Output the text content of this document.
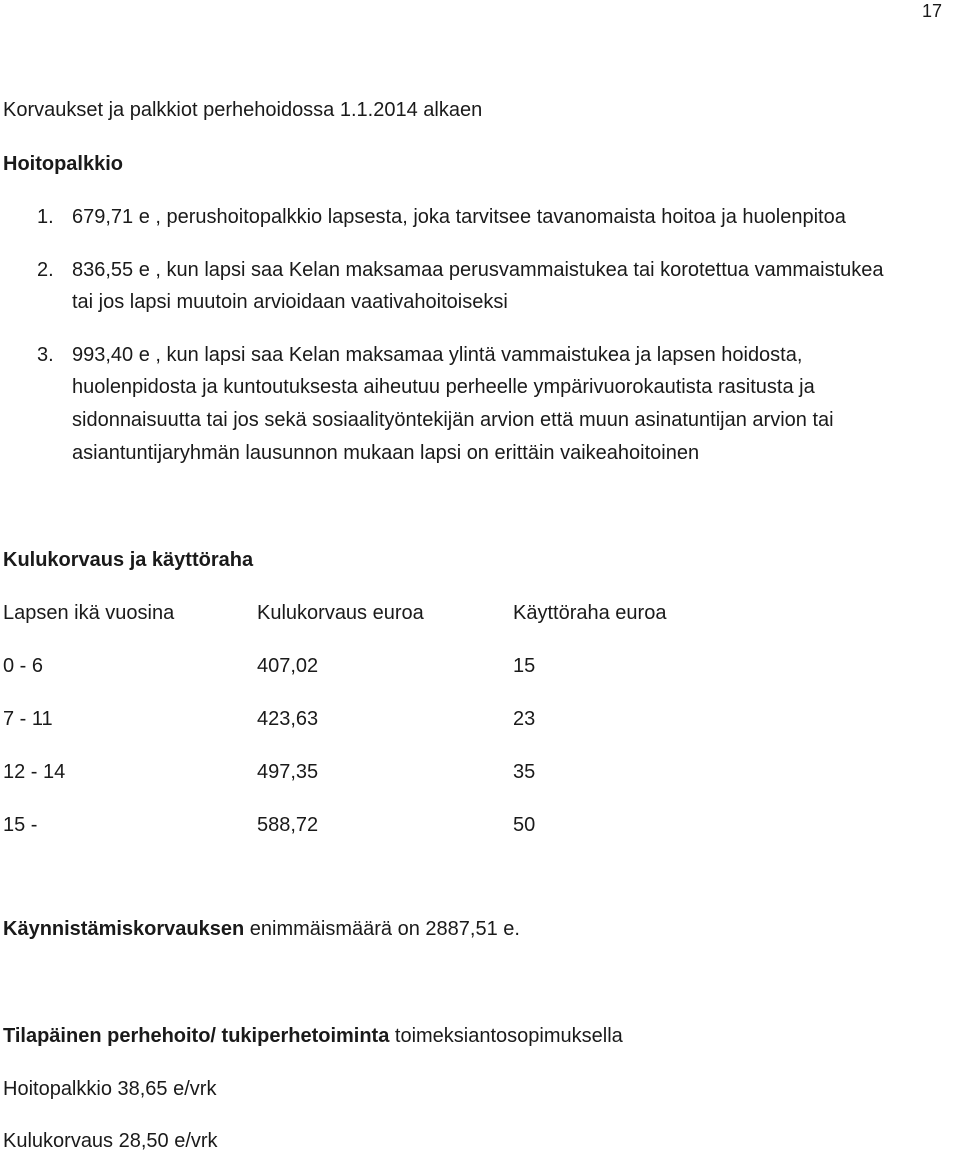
17
Korvaukset ja palkkiot perhehoidossa 1.1.2014 alkaen
Hoitopalkkio
1. 679,71 e , perushoitopalkkio lapsesta, joka tarvitsee tavanomaista hoitoa ja huolenpitoa
2. 836,55 e , kun lapsi saa Kelan maksamaa perusvammaistukea tai korotettua vammaistukea
tai jos lapsi muutoin arvioidaan vaativahoitoiseksi
3. 993,40 e , kun lapsi saa Kelan maksamaa ylintä vammaistukea ja lapsen hoidosta,
huolenpidosta ja kuntoutuksesta aiheutuu perheelle ympärivuorokautista rasitusta ja
sidonnaisuutta tai jos sekä sosiaalityöntekijän arvion että muun asinatuntijan arvion tai
asiantuntijaryhmän lausunnon mukaan lapsi on erittäin vaikeahoitoinen
Kulukorvaus ja käyttöraha
Lapsen ikä vuosina	Kulukorvaus euroa	Käyttöraha euroa
0 - 6	407,02	15
7 - 11	423,63	23
12 - 14	497,35	35
15 -	588,72	50
Käynnistämiskorvauksen enimmäismäärä on 2887,51 e.
Tilapäinen perhehoito/ tukiperhetoiminta toimeksiantosopimuksella
Hoitopalkkio 38,65 e/vrk
Kulukorvaus 28,50 e/vrk
